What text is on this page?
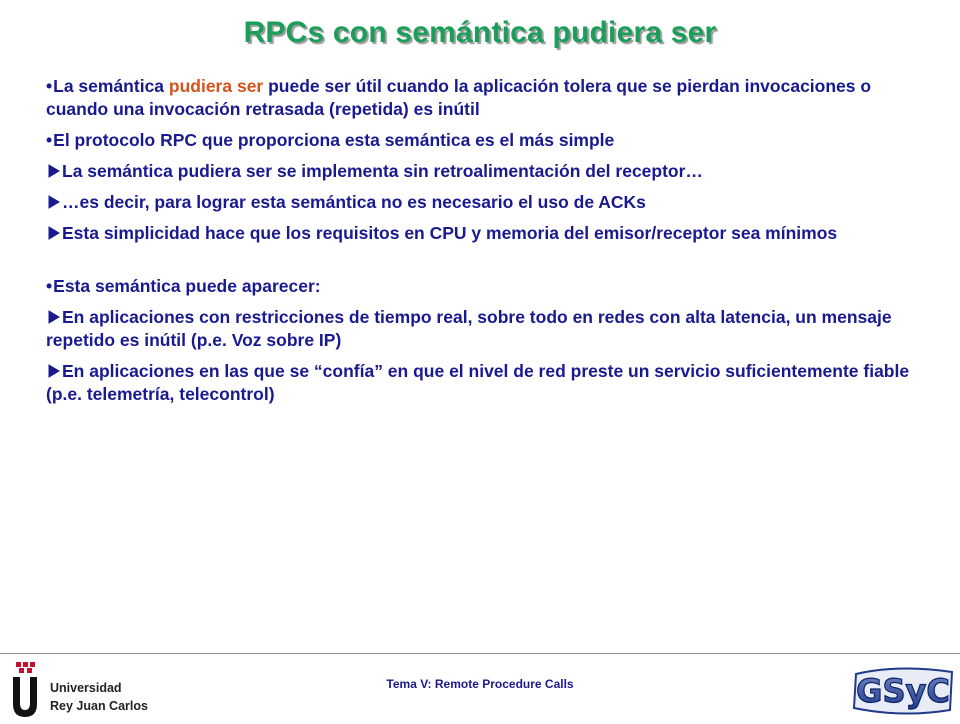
RPCs con semántica pudiera ser

•La semántica pudiera ser puede ser útil cuando la aplicación tolera que se pierdan invocaciones o cuando una invocación retrasada (repetida) es inútil

•El protocolo RPC que proporciona esta semántica es el más simple

La semántica pudiera ser se implementa sin retroalimentación del receptor…

…es decir, para lograr esta semántica no es necesario el uso de ACKs

Esta simplicidad hace que los requisitos en CPU y memoria del emisor/receptor sea mínimos

•Esta semántica puede aparecer:

En aplicaciones con restricciones de tiempo real, sobre todo en redes con alta latencia, un mensaje repetido es inútil (p.e. Voz sobre IP)

En aplicaciones en las que se “confía” en que el nivel de red preste un servicio suficientemente fiable (p.e. telemetría, telecontrol)

Universidad
Rey Juan Carlos
Tema V: Remote Procedure Calls	GSyC
